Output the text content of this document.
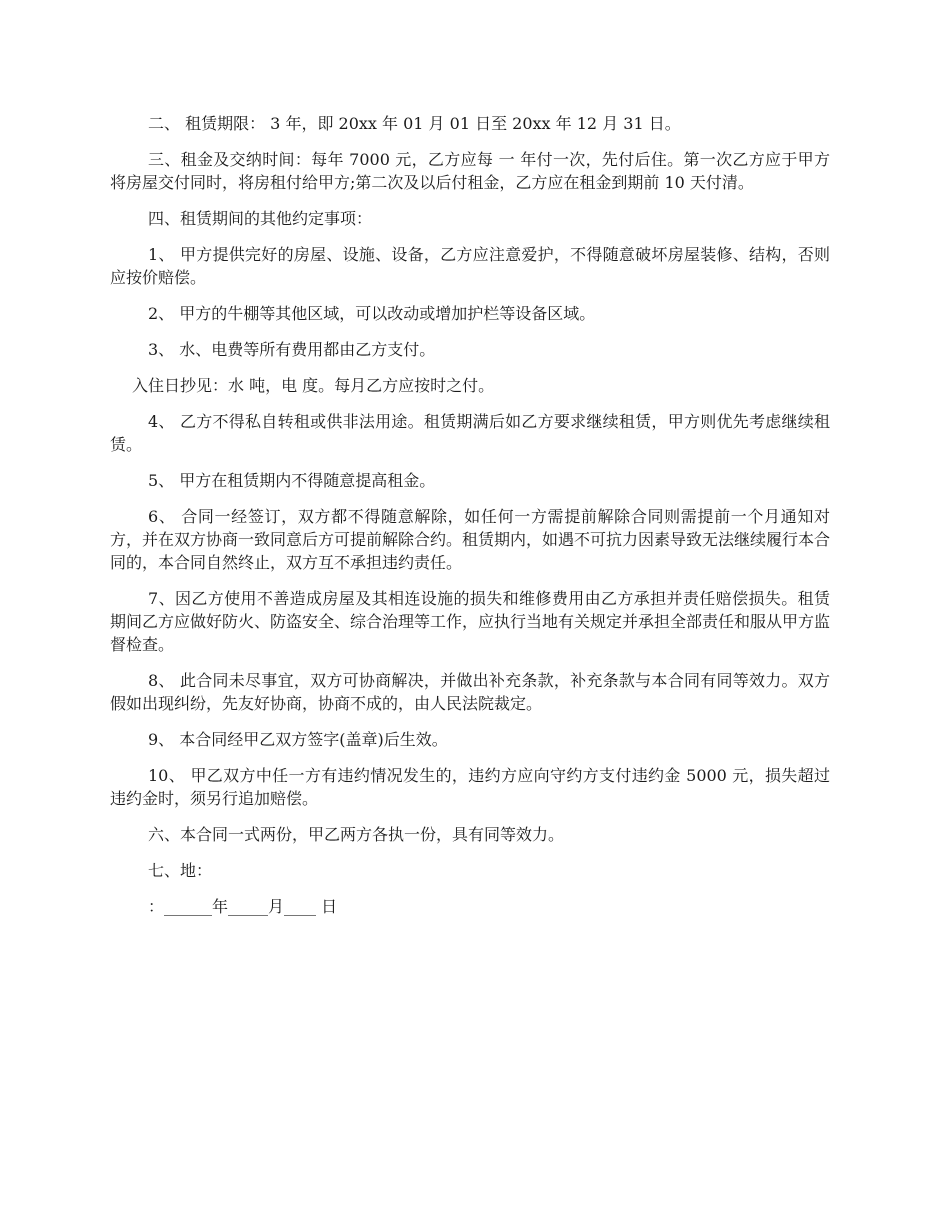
二、 租赁期限： 3 年，即 20xx 年 01 月 01 日至 20xx 年 12 月 31 日。

三、租金及交纳时间：每年 7000 元，乙方应每 一 年付一次，先付后住。第一次乙方应于甲方将房屋交付同时，将房租付给甲方;第二次及以后付租金，乙方应在租金到期前 10 天付清。

四、租赁期间的其他约定事项：

1、 甲方提供完好的房屋、设施、设备，乙方应注意爱护，不得随意破坏房屋装修、结构，否则应按价赔偿。

2、 甲方的牛棚等其他区域，可以改动或增加护栏等设备区域。

3、 水、电费等所有费用都由乙方支付。

入住日抄见：水 吨，电 度。每月乙方应按时之付。

4、 乙方不得私自转租或供非法用途。租赁期满后如乙方要求继续租赁，甲方则优先考虑继续租赁。

5、 甲方在租赁期内不得随意提高租金。

6、 合同一经签订，双方都不得随意解除，如任何一方需提前解除合同则需提前一个月通知对方，并在双方协商一致同意后方可提前解除合约。租赁期内，如遇不可抗力因素导致无法继续履行本合同的，本合同自然终止，双方互不承担违约责任。

7、因乙方使用不善造成房屋及其相连设施的损失和维修费用由乙方承担并责任赔偿损失。租赁期间乙方应做好防火、防盗安全、综合治理等工作，应执行当地有关规定并承担全部责任和服从甲方监督检查。

8、 此合同未尽事宜，双方可协商解决，并做出补充条款，补充条款与本合同有同等效力。双方假如出现纠纷，先友好协商，协商不成的，由人民法院裁定。

9、 本合同经甲乙双方签字(盖章)后生效。

10、 甲乙双方中任一方有违约情况发生的，违约方应向守约方支付违约金 5000 元，损失超过违约金时，须另行追加赔偿。

六、本合同一式两份，甲乙两方各执一份，具有同等效力。

七、地：

：______年_____月____ 日
